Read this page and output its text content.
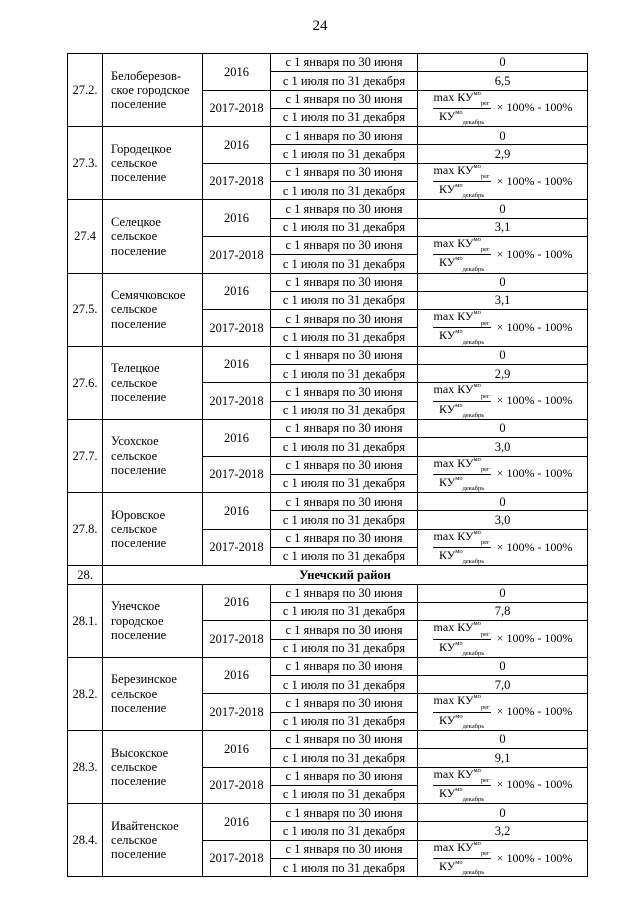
24
27.2.	Белоберезов-ское городское поселение	2016	с 1 января по 30 июня	0
			с 1 июля по 31 декабря	6,5
		2017-2018	с 1 января по 30 июня	$\frac{\max КУ^{мо}_{рег}}{КУ^{мо}_{декабрь}} \times 100\% - 100\%$

			с 1 июля по 31 декабря	
27.3.	Городецкое сельское поселение	2016	с 1 января по 30 июня	0
			с 1 июля по 31 декабря	2,9
		2017-2018	с 1 января по 30 июня	$\frac{\max КУ^{мо}_{рег}}{КУ^{мо}_{декабрь}} \times 100\% - 100\%$

			с 1 июля по 31 декабря	
27.4	Селецкое сельское поселение	2016	с 1 января по 30 июня	0
			с 1 июля по 31 декабря	3,1
		2017-2018	с 1 января по 30 июня	$\frac{\max КУ^{мо}_{рег}}{КУ^{мо}_{декабрь}} \times 100\% - 100\%$

			с 1 июля по 31 декабря	
27.5.	Семячковское сельское поселение	2016	с 1 января по 30 июня	0
			с 1 июля по 31 декабря	3,1
		2017-2018	с 1 января по 30 июня	$\frac{\max КУ^{мо}_{рег}}{КУ^{мо}_{декабрь}} \times 100\% - 100\%$

			с 1 июля по 31 декабря	
27.6.	Телецкое сельское поселение	2016	с 1 января по 30 июня	0
			с 1 июля по 31 декабря	2,9
		2017-2018	с 1 января по 30 июня	$\frac{\max КУ^{мо}_{рег}}{КУ^{мо}_{декабрь}} \times 100\% - 100\%$

			с 1 июля по 31 декабря	
27.7.	Усохское сельское поселение	2016	с 1 января по 30 июня	0
			с 1 июля по 31 декабря	3,0
		2017-2018	с 1 января по 30 июня	$\frac{\max КУ^{мо}_{рег}}{КУ^{мо}_{декабрь}} \times 100\% - 100\%$

			с 1 июля по 31 декабря	
27.8.	Юровское сельское поселение	2016	с 1 января по 30 июня	0
			с 1 июля по 31 декабря	3,0
		2017-2018	с 1 января по 30 июня	$\frac{\max КУ^{мо}_{рег}}{КУ^{мо}_{декабрь}} \times 100\% - 100\%$

			с 1 июля по 31 декабря	
28.	Унечский район			
28.1.	Унечское городское поселение	2016	с 1 января по 30 июня	0
			с 1 июля по 31 декабря	7,8
		2017-2018	с 1 января по 30 июня	$\frac{\max КУ^{мо}_{рег}}{КУ^{мо}_{декабрь}} \times 100\% - 100\%$

			с 1 июля по 31 декабря	
28.2.	Березинское сельское поселение	2016	с 1 января по 30 июня	0
			с 1 июля по 31 декабря	7,0
		2017-2018	с 1 января по 30 июня	$\frac{\max КУ^{мо}_{рег}}{КУ^{мо}_{декабрь}} \times 100\% - 100\%$

			с 1 июля по 31 декабря	
28.3.	Высокское сельское поселение	2016	с 1 января по 30 июня	0
			с 1 июля по 31 декабря	9,1
		2017-2018	с 1 января по 30 июня	$\frac{\max КУ^{мо}_{рег}}{КУ^{мо}_{декабрь}} \times 100\% - 100\%$

			с 1 июля по 31 декабря	
28.4.	Ивайтенское сельское поселение	2016	с 1 января по 30 июня	0
			с 1 июля по 31 декабря	3,2
		2017-2018	с 1 января по 30 июня	$\frac{\max КУ^{мо}_{рег}}{КУ^{мо}_{декабрь}} \times 100\% - 100\%$

			с 1 июля по 31 декабря	
